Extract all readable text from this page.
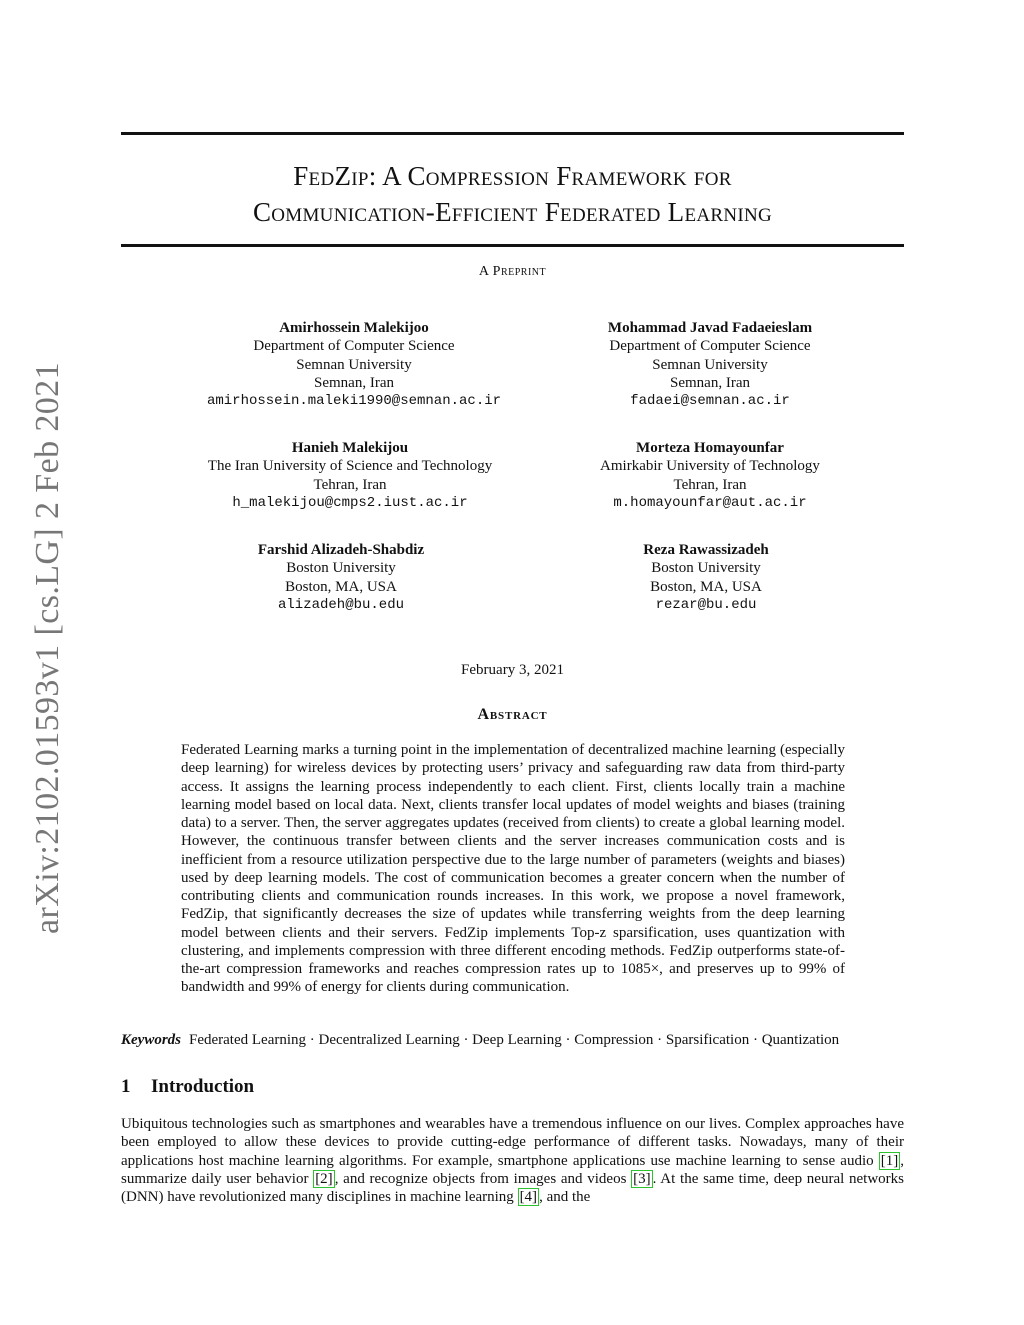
FedZip: A Compression Framework for
Communication-Efficient Federated Learning
A Preprint
arXiv:2102.01593v1 [cs.LG] 2 Feb 2021
Amirhossein Malekijoo
Department of Computer Science
Semnan University
Semnan, Iran
amirhossein.maleki1990@semnan.ac.ir
Mohammad Javad Fadaeieslam
Department of Computer Science
Semnan University
Semnan, Iran
fadaei@semnan.ac.ir
Hanieh Malekijou
The Iran University of Science and Technology
Tehran, Iran
h_malekijou@cmps2.iust.ac.ir
Morteza Homayounfar
Amirkabir University of Technology
Tehran, Iran
m.homayounfar@aut.ac.ir
Farshid Alizadeh-Shabdiz
Boston University
Boston, MA, USA
alizadeh@bu.edu
Reza Rawassizadeh
Boston University
Boston, MA, USA
rezar@bu.edu
February 3, 2021
Abstract

Federated Learning marks a turning point in the implementation of decentralized machine learning (especially deep learning) for wireless devices by protecting users’ privacy and safeguarding raw data from third-party access. It assigns the learning process independently to each client. First, clients locally train a machine learning model based on local data. Next, clients transfer local updates of model weights and biases (training data) to a server. Then, the server aggregates updates (received from clients) to create a global learning model. However, the continuous transfer between clients and the server increases communication costs and is inefficient from a resource utilization perspective due to the large number of parameters (weights and biases) used by deep learning models. The cost of communication becomes a greater concern when the number of contributing clients and communication rounds increases. In this work, we propose a novel framework, FedZip, that significantly decreases the size of updates while transferring weights from the deep learning model between clients and their servers. FedZip implements Top-z sparsification, uses quantization with clustering, and implements compression with three different encoding methods. FedZip outperforms state-of-the-art compression frameworks and reaches compression rates up to 1085×, and preserves up to 99% of bandwidth and 99% of energy for clients during communication.

Keywords Federated Learning · Decentralized Learning · Deep Learning · Compression · Sparsification · Quantization
1 Introduction

Ubiquitous technologies such as smartphones and wearables have a tremendous influence on our lives. Complex approaches have been employed to allow these devices to provide cutting-edge performance of different tasks. Nowadays, many of their applications host machine learning algorithms. For example, smartphone applications use machine learning to sense audio [1] , summarize daily user behavior [2] , and recognize objects from images and videos [3] . At the same time, deep neural networks (DNN) have revolutionized many disciplines in machine learning [4] , and the
